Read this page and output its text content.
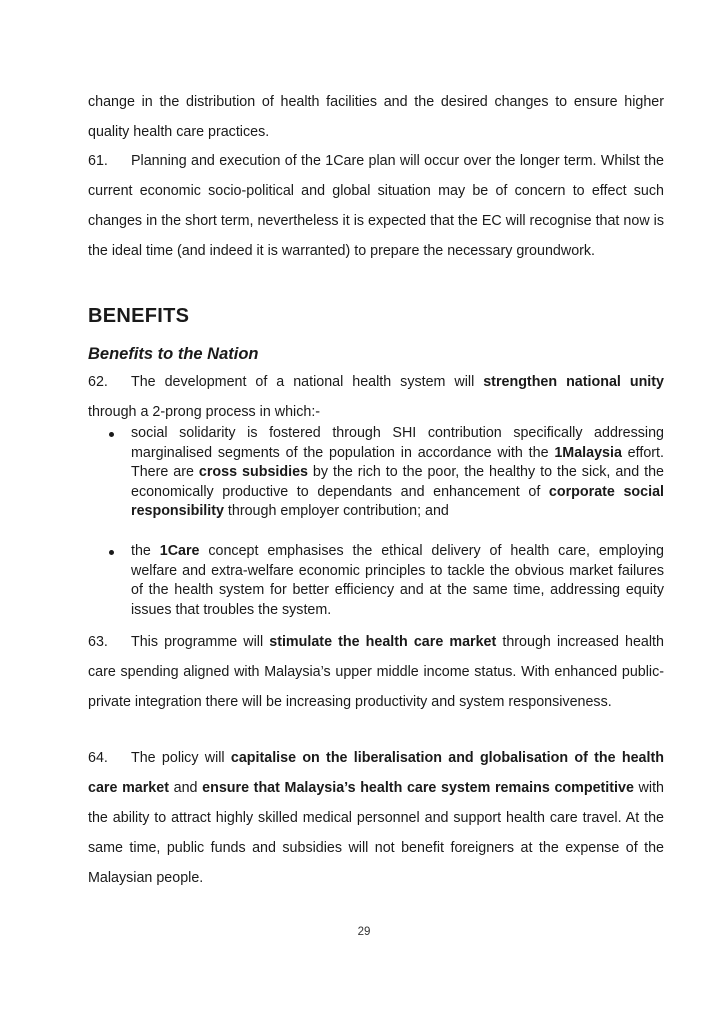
change in the distribution of health facilities and the desired changes to ensure higher
quality health care practices.

61. Planning and execution of the 1Care plan will occur over the longer term. Whilst the current economic socio-political and global situation may be of concern to effect such changes in the short term, nevertheless it is expected that the EC will recognise that now is the ideal time (and indeed it is warranted) to prepare the necessary groundwork.

BENEFITS
Benefits to the Nation

62. The development of a national health system will strengthen national unity
through a 2-prong process in which:-

social solidarity is fostered through SHI contribution specifically addressing marginalised segments of the population in accordance with the 1Malaysia effort. There are cross subsidies by the rich to the poor, the healthy to the sick, and the economically productive to dependants and enhancement of corporate social responsibility through employer contribution; and
the 1Care concept emphasises the ethical delivery of health care, employing welfare and extra-welfare economic principles to tackle the obvious market failures of the health system for better efficiency and at the same time, addressing equity issues that troubles the system.

63. This programme will stimulate the health care market through increased health care spending aligned with Malaysia’s upper middle income status. With enhanced public-private integration there will be increasing productivity and system responsiveness.

64. The policy will capitalise on the liberalisation and globalisation of the health care market and ensure that Malaysia’s health care system remains competitive with the ability to attract highly skilled medical personnel and support health care travel. At the same time, public funds and subsidies will not benefit foreigners at the expense of the Malaysian people.

29
